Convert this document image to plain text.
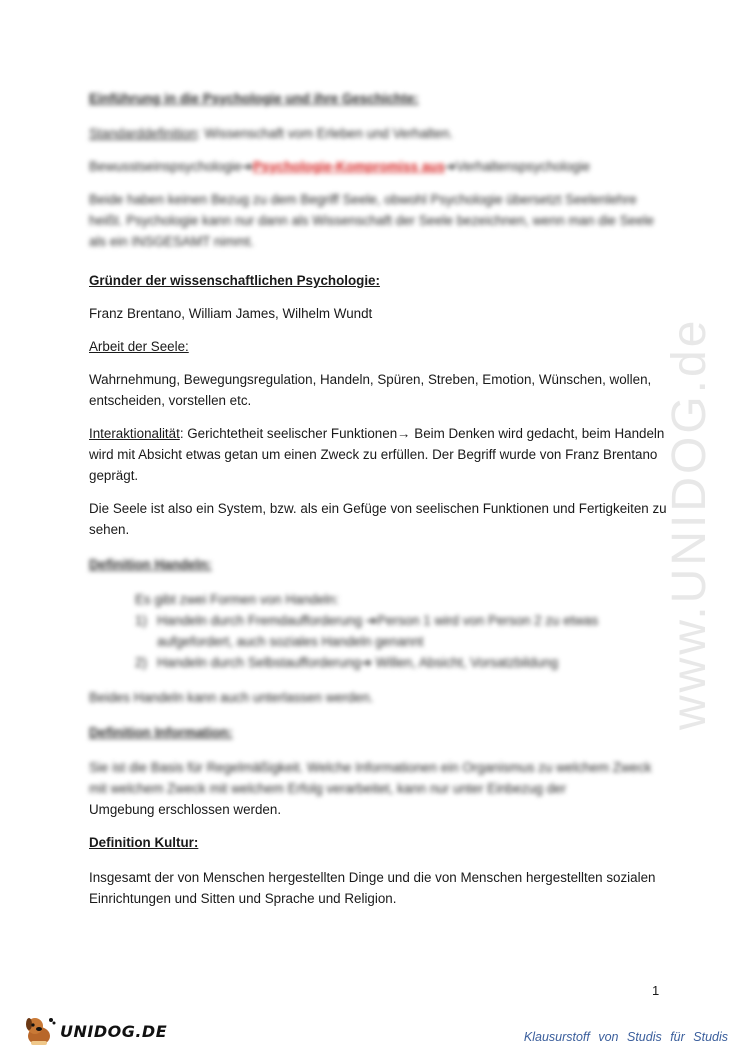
www.UNIDOG.de

Einführung in die Psychologie und ihre Geschichte:

Standarddefinition: Wissenschaft vom Erleben und Verhalten.

Bewusstseinspsychologie➔Psychologie-Kompromiss aus➔Verhaltenspsychologie

Beide haben keinen Bezug zu dem Begriff Seele, obwohl Psychologie übersetzt Seelenlehre heißt. Psychologie kann nur dann als Wissenschaft der Seele bezeichnen, wenn man die Seele als ein INSGESAMT nimmt.

Gründer der wissenschaftlichen Psychologie:

Franz Brentano, William James, Wilhelm Wundt

Arbeit der Seele:

Wahrnehmung, Bewegungsregulation, Handeln, Spüren, Streben, Emotion, Wünschen, wollen, entscheiden, vorstellen etc.

Interaktionalität: Gerichtetheit seelischer Funktionen→ Beim Denken wird gedacht, beim Handeln wird mit Absicht etwas getan um einen Zweck zu erfüllen. Der Begriff wurde von Franz Brentano geprägt.

Die Seele ist also ein System, bzw. als ein Gefüge von seelischen Funktionen und Fertigkeiten zu sehen.

Definition Handeln:

Es gibt zwei Formen von Handeln:

1) Handeln durch Fremdaufforderung ➔Person 1 wird von Person 2 zu etwas aufgefordert, auch soziales Handeln genannt
2) Handeln durch Selbstaufforderung➔ Willen, Absicht, Vorsatzbildung

Beides Handeln kann auch unterlassen werden.

Definition Information:

Sie ist die Basis für Regelmäßigkeit. Welche Informationen ein Organismus zu welchem Zweck mit welchem Zweck mit welchem Erfolg verarbeitet, kann nur unter Einbezug der
Umgebung erschlossen werden.

Definition Kultur:

Insgesamt der von Menschen hergestellten Dinge und die von Menschen hergestellten sozialen Einrichtungen und Sitten und Sprache und Religion.

1
UNIDOG.DE	Klausurstoff von Studis für Studis
